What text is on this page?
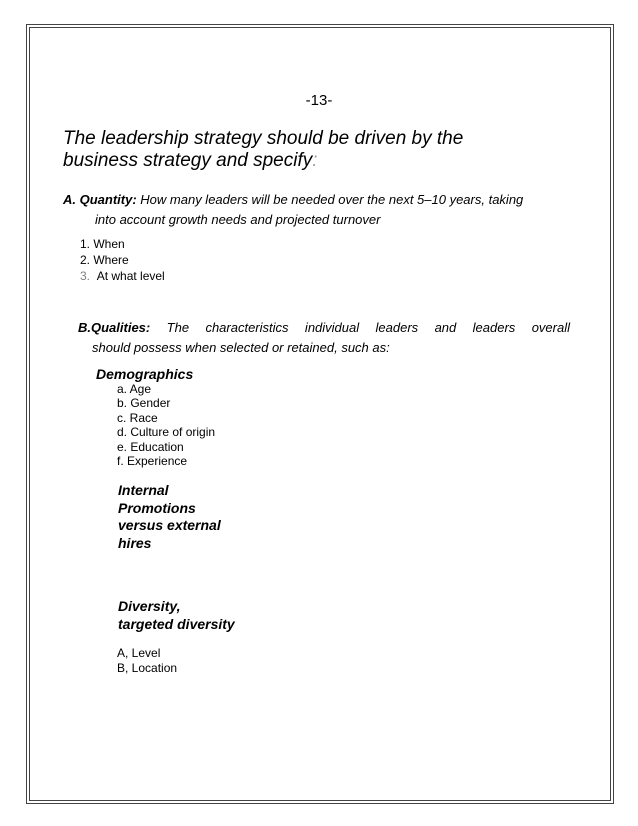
-13-
The leadership strategy should be driven by the
business strategy and specify:
A. Quantity: How many leaders will be needed over the next 5–10 years, taking
into account growth needs and projected turnover
1. When
2. Where
3. At what level
B.Qualities: The characteristics individual leaders and leaders overall
should possess when selected or retained, such as:
Demographics
a. Age
b. Gender
c. Race
d. Culture of origin
e. Education
f. Experience
Internal
Promotions
versus external
hires
Diversity,
targeted diversity
A, Level
B, Location
